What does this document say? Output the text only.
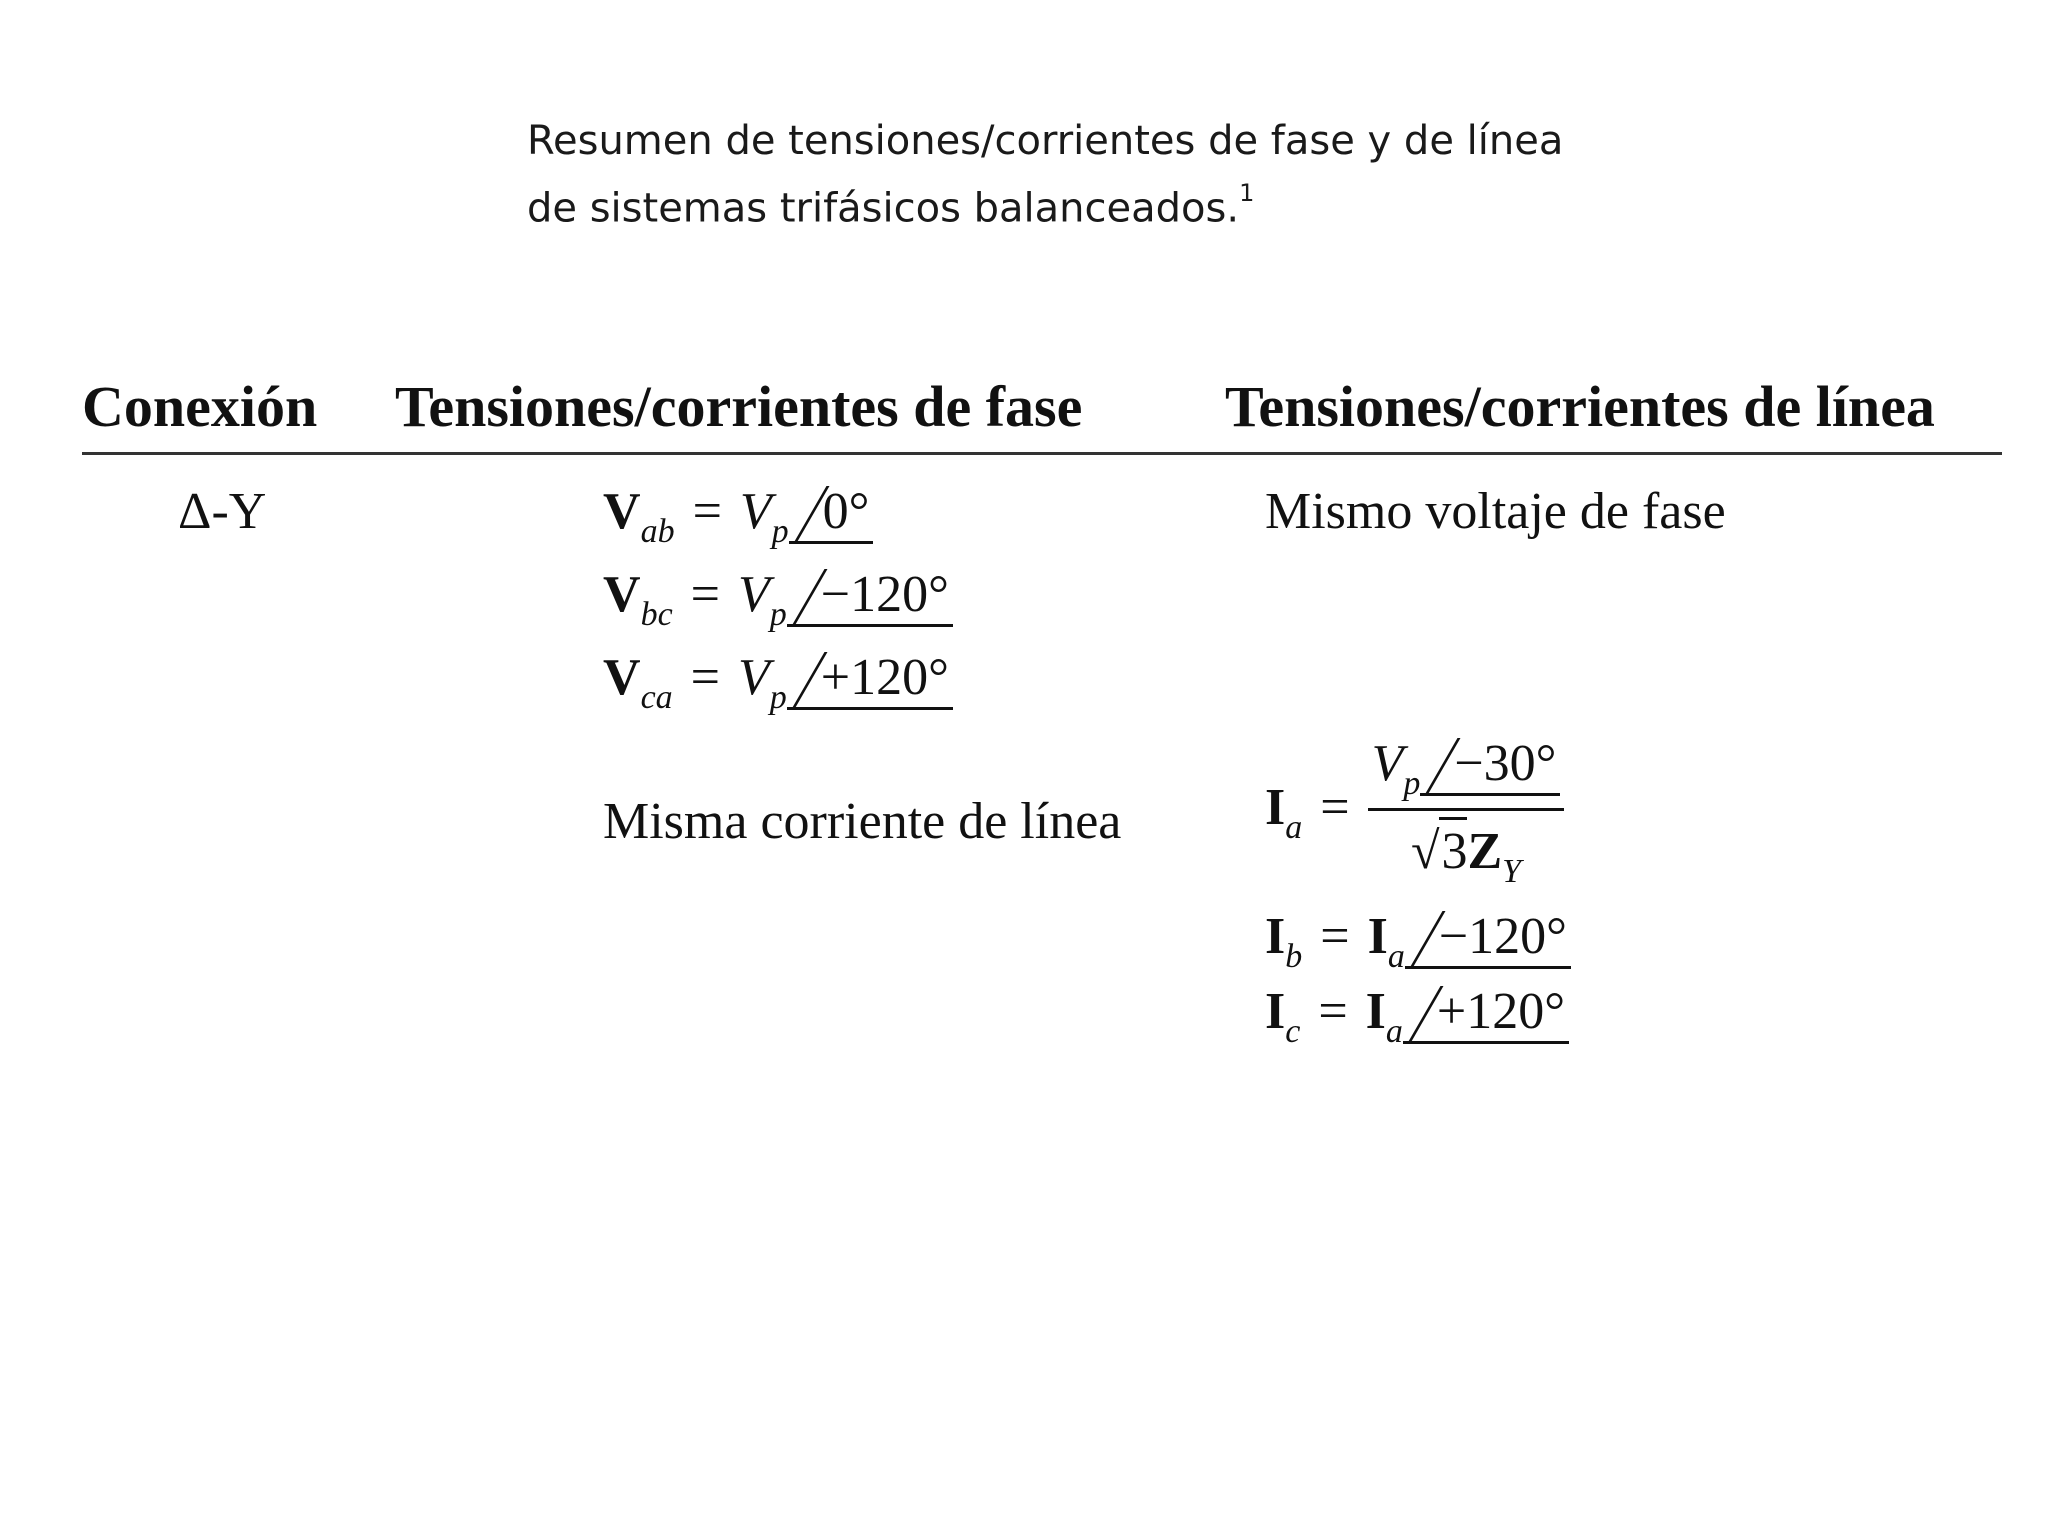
Resumen de tensiones/corrientes de fase y de línea
de sistemas trifásicos balanceados.$^1$
Conexión Tensiones/corrientes de fase Tensiones/corrientes de línea
Δ-Y	$V_{ab} = V_p$ 0°
$V_{bc} = V_p -120^\circ$
$V_{ca} = V_p +120^\circ$
Mismo voltaje de fase
Misma corriente de línea	$I_a = \frac{V_p -30^\circ}{√3Z_Y}$
$I_b = I_a -120^\circ$
$I_c = I_a +120^\circ$
